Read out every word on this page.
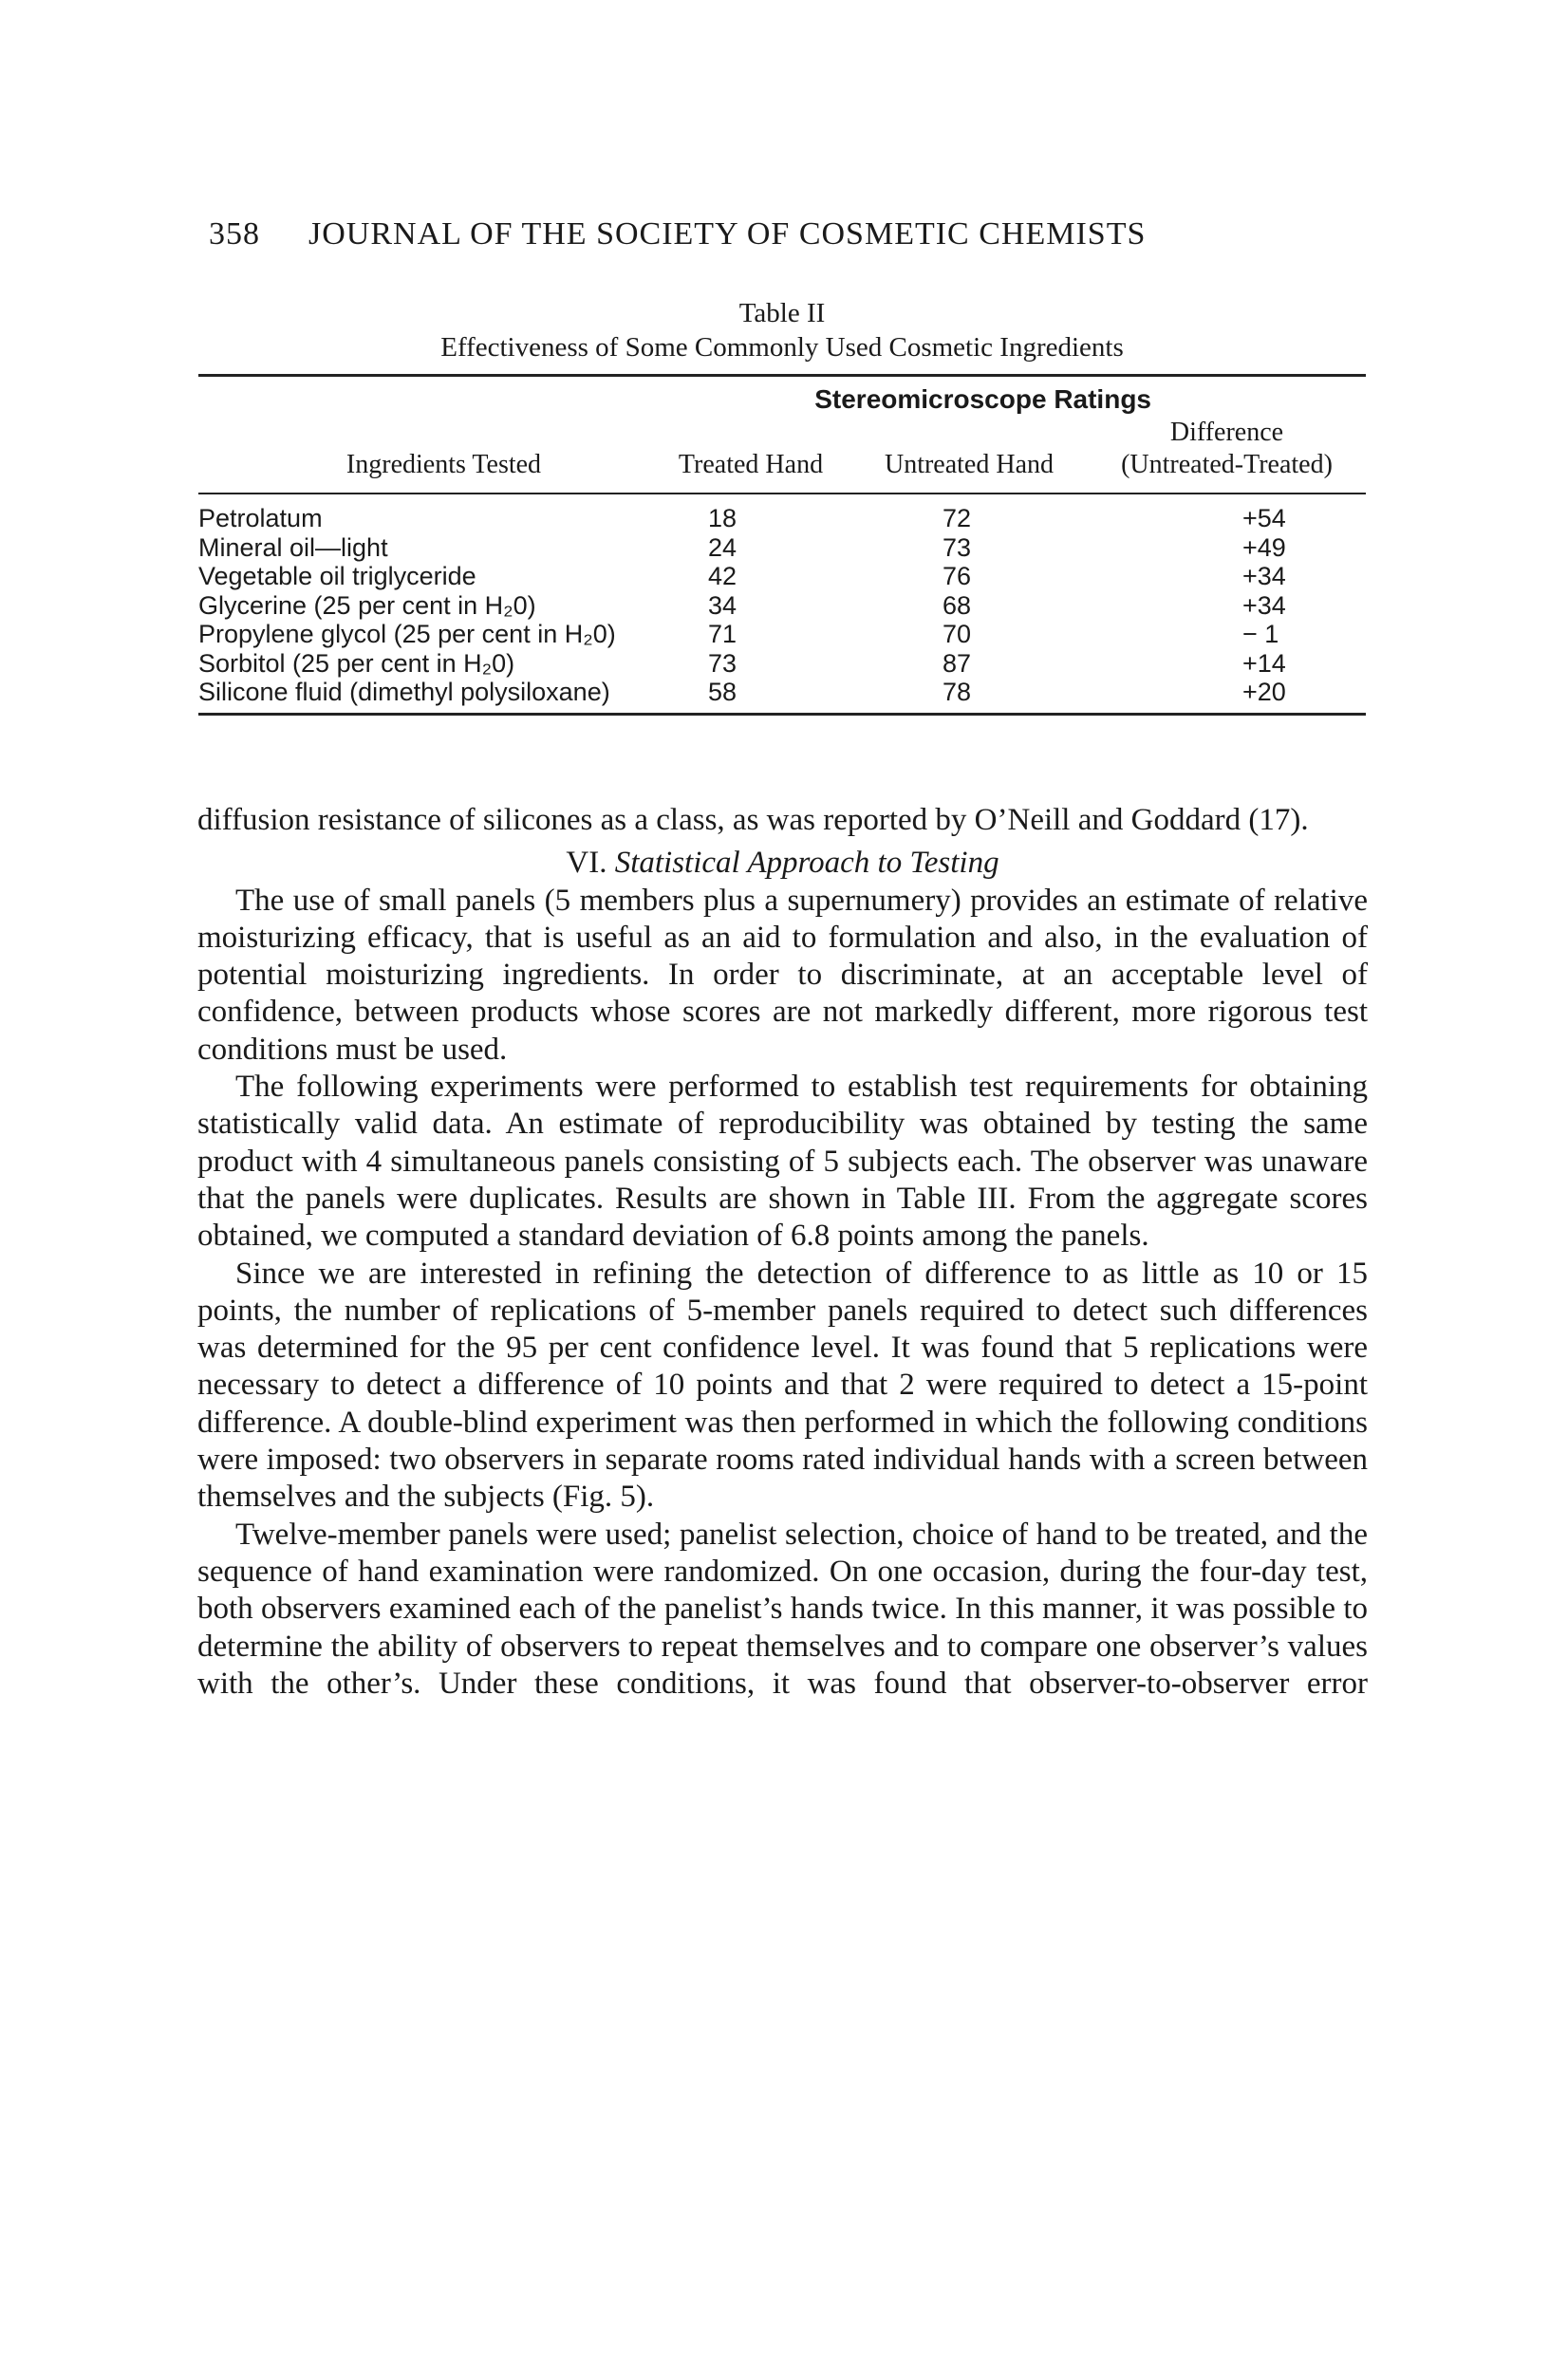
358 JOURNAL OF THE SOCIETY OF COSMETIC CHEMISTS
Table II
Effectiveness of Some Commonly Used Cosmetic Ingredients
Stereomicroscope Ratings
Ingredients Tested	Treated Hand	Untreated Hand
Difference
(Untreated-Treated)
Petrolatum	18	72	+54
Mineral oil—light	24	73	+49
Vegetable oil triglyceride	42	76	+34
Glycerine (25 per cent in H₂0)	34	68	+34
Propylene glycol (25 per cent in H₂0)	71	70	− 1
Sorbitol (25 per cent in H₂0)	73	87	+14
Silicone fluid (dimethyl polysiloxane)	58	78	+20

diffusion resistance of silicones as a class, as was reported by O’Neill and Goddard (17).

VI. Statistical Approach to Testing

The use of small panels (5 members plus a supernumery) provides an estimate of relative moisturizing efficacy, that is useful as an aid to formulation and also, in the evaluation of potential moisturizing ingredients. In order to discriminate, at an acceptable level of confidence, between products whose scores are not markedly different, more rigorous test conditions must be used.

The following experiments were performed to establish test requirements for obtaining statistically valid data. An estimate of reproducibility was obtained by testing the same product with 4 simultaneous panels consisting of 5 subjects each. The observer was unaware that the panels were duplicates. Results are shown in Table III. From the aggregate scores obtained, we computed a standard deviation of 6.8 points among the panels.

Since we are interested in refining the detection of difference to as little as 10 or 15 points, the number of replications of 5-member panels required to detect such differences was determined for the 95 per cent confidence level. It was found that 5 replications were necessary to detect a difference of 10 points and that 2 were required to detect a 15-point difference. A double-blind experiment was then performed in which the following conditions were imposed: two observers in separate rooms rated individual hands with a screen between themselves and the subjects (Fig. 5).

Twelve-member panels were used; panelist selection, choice of hand to be treated, and the sequence of hand examination were randomized. On one occasion, during the four-day test, both observers examined each of the panelist’s hands twice. In this manner, it was possible to determine the ability of observers to repeat themselves and to compare one observer’s values with the other’s. Under these conditions, it was found that observer-to-observer error
